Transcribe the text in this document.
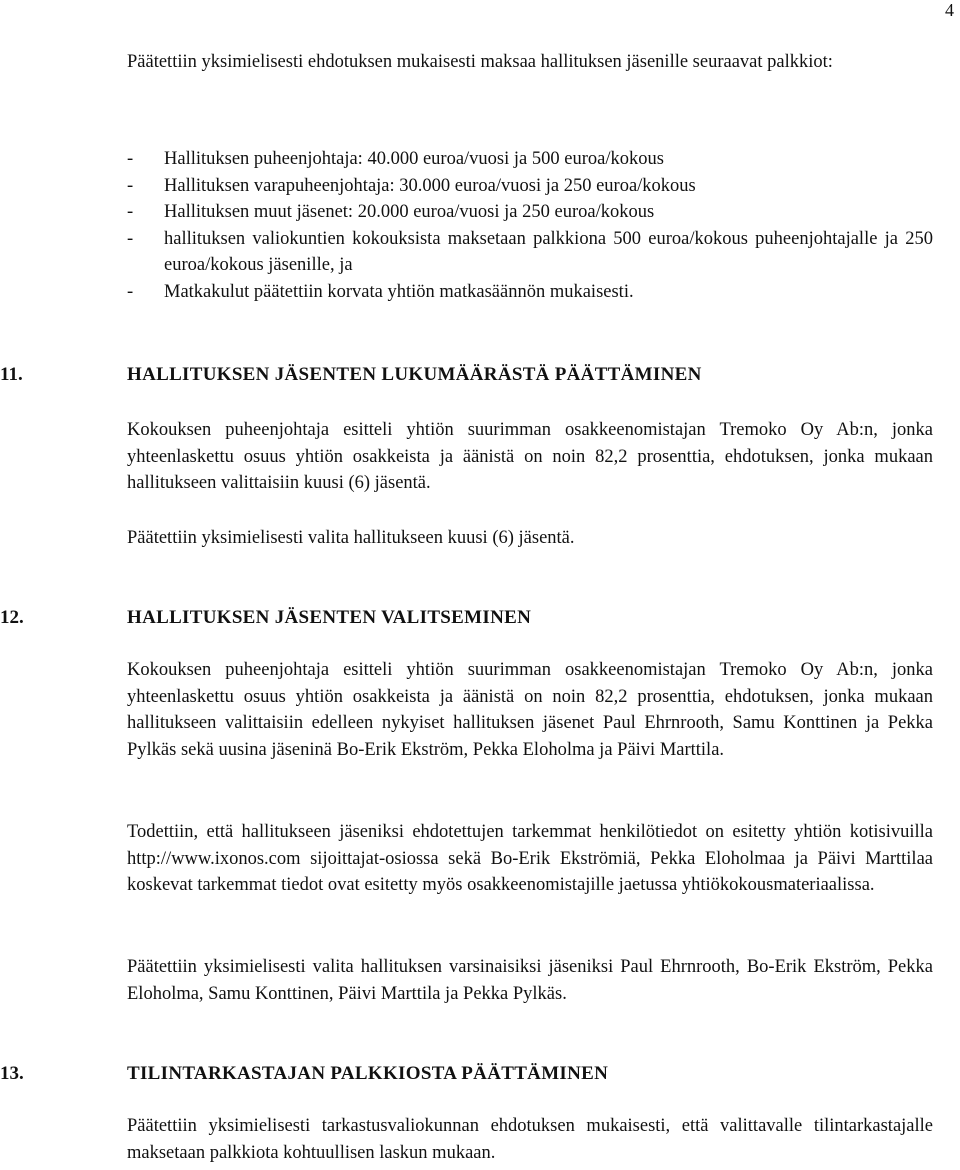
4

Päätettiin yksimielisesti ehdotuksen mukaisesti maksaa hallituksen jäsenille seuraavat palkkiot:

- Hallituksen puheenjohtaja: 40.000 euroa/vuosi ja 500 euroa/kokous
- Hallituksen varapuheenjohtaja: 30.000 euroa/vuosi ja 250 euroa/kokous
- Hallituksen muut jäsenet: 20.000 euroa/vuosi ja 250 euroa/kokous
- hallituksen valiokuntien kokouksista maksetaan palkkiona 500 euroa/kokous puheenjohtajalle ja 250 euroa/kokous jäsenille, ja
- Matkakulut päätettiin korvata yhtiön matkasäännön mukaisesti.
11.	HALLITUKSEN JÄSENTEN LUKUMÄÄRÄSTÄ PÄÄTTÄMINEN

Kokouksen puheenjohtaja esitteli yhtiön suurimman osakkeenomistajan Tremoko Oy Ab:n, jonka yhteenlaskettu osuus yhtiön osakkeista ja äänistä on noin 82,2 prosenttia, ehdotuksen, jonka mukaan hallitukseen valittaisiin kuusi (6) jäsentä.

Päätettiin yksimielisesti valita hallitukseen kuusi (6) jäsentä.

12.	HALLITUKSEN JÄSENTEN VALITSEMINEN

Kokouksen puheenjohtaja esitteli yhtiön suurimman osakkeenomistajan Tremoko Oy Ab:n, jonka yhteenlaskettu osuus yhtiön osakkeista ja äänistä on noin 82,2 prosenttia, ehdotuksen, jonka mukaan hallitukseen valittaisiin edelleen nykyiset hallituksen jäsenet Paul Ehrnrooth, Samu Konttinen ja Pekka Pylkäs sekä uusina jäseninä Bo-Erik Ekström, Pekka Eloholma ja Päivi Marttila.

Todettiin, että hallitukseen jäseniksi ehdotettujen tarkemmat henkilötiedot on esitetty yhtiön kotisivuilla http://www.ixonos.com sijoittajat-osiossa sekä Bo-Erik Ekströmiä, Pekka Eloholmaa ja Päivi Marttilaa koskevat tarkemmat tiedot ovat esitetty myös osakkeenomistajille jaetussa yhtiökokousmateriaalissa.

Päätettiin yksimielisesti valita hallituksen varsinaisiksi jäseniksi Paul Ehrnrooth, Bo-Erik Ekström, Pekka Eloholma, Samu Konttinen, Päivi Marttila ja Pekka Pylkäs.

13.	TILINTARKASTAJAN PALKKIOSTA PÄÄTTÄMINEN

Päätettiin yksimielisesti tarkastusvaliokunnan ehdotuksen mukaisesti, että valittavalle tilintarkastajalle maksetaan palkkiota kohtuullisen laskun mukaan.
